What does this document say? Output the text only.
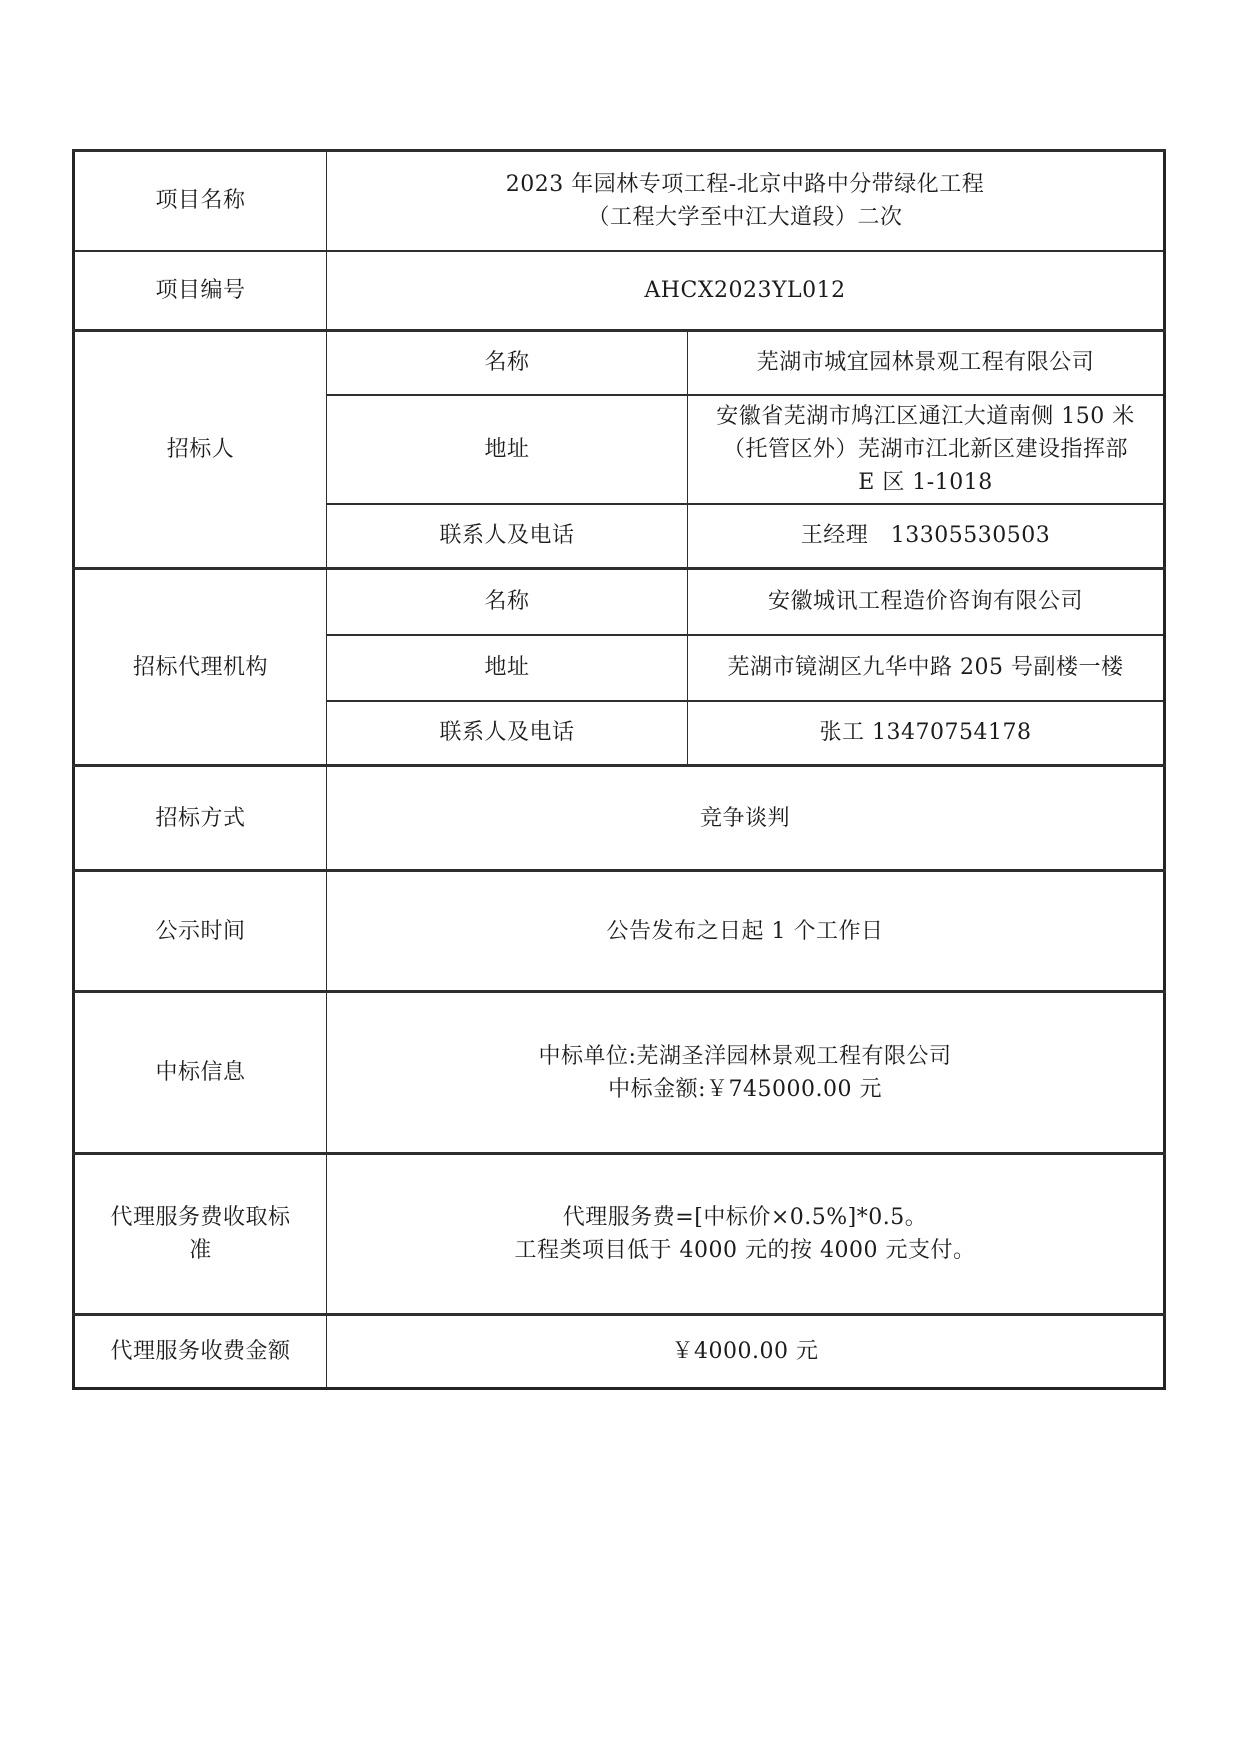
项目名称	2023 年园林专项工程-北京中路中分带绿化工程
（工程大学至中江大道段）二次	

项目编号	AHCX2023YL012	
招标人	名称	芜湖市城宜园林景观工程有限公司
	地址	安徽省芜湖市鸠江区通江大道南侧 150 米
（托管区外）芜湖市江北新区建设指挥部
E 区 1-1018

	联系人及电话	王经理　13305530503
招标代理机构	名称	安徽城讯工程造价咨询有限公司
	地址	芜湖市镜湖区九华中路 205 号副楼一楼
	联系人及电话	张工 13470754178
招标方式	竞争谈判	
公示时间	公告发布之日起 1 个工作日	
中标信息	中标单位:芜湖圣洋园林景观工程有限公司
中标金额:￥745000.00 元	

代理服务费收取标准	代理服务费=[中标价×0.5%]*0.5。
工程类项目低于 4000 元的按 4000 元支付。	

代理服务收费金额	￥4000.00 元	
